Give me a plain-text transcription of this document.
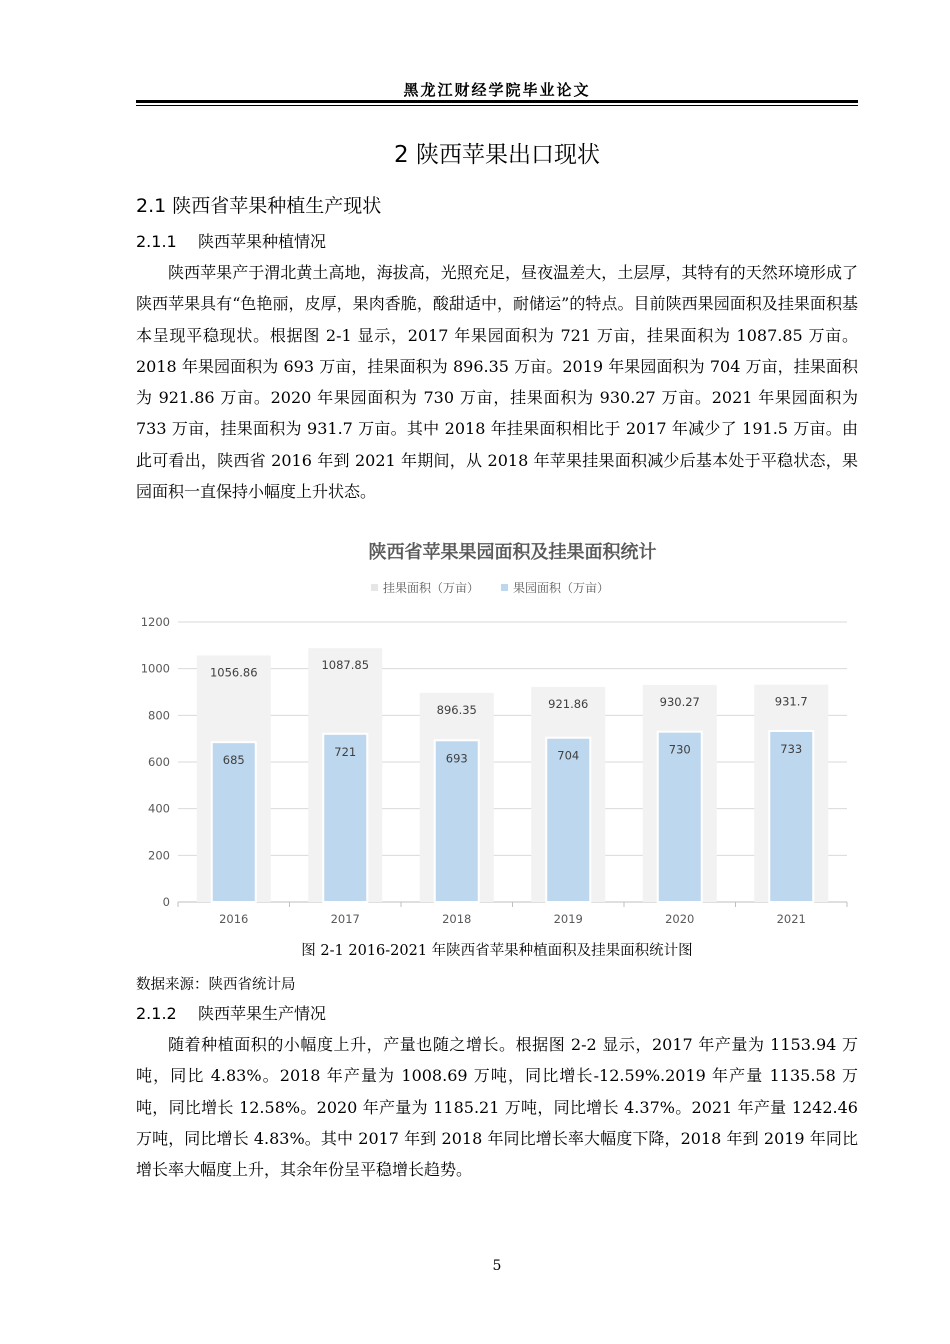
黑龙江财经学院毕业论文
2 陕西苹果出口现状
2.1 陕西省苹果种植生产现状
2.1.1 陕西苹果种植情况

陕西苹果产于渭北黄土高地，海拔高，光照充足，昼夜温差大，土层厚，其特有的天然环境形成了陕西苹果具有“色艳丽，皮厚，果肉香脆，酸甜适中，耐储运”的特点。目前陕西果园面积及挂果面积基本呈现平稳现状。根据图 2-1 显示，2017 年果园面积为 721 万亩，挂果面积为 1087.85 万亩。2018 年果园面积为 693 万亩，挂果面积为 896.35 万亩。2019 年果园面积为 704 万亩，挂果面积为 921.86 万亩。2020 年果园面积为 730 万亩，挂果面积为 930.27 万亩。2021 年果园面积为 733 万亩，挂果面积为 931.7 万亩。其中 2018 年挂果面积相比于 2017 年减少了 191.5 万亩。由此可看出，陕西省 2016 年到 2021 年期间，从 2018 年苹果挂果面积减少后基本处于平稳状态，果园面积一直保持小幅度上升状态。

陕西省苹果果园面积及挂果面积统计
挂果面积（万亩）	果园面积（万亩）
0
200
400
600
800
1000
1200
1056.86
685
2016
1087.85
721
2017
896.35
693
2018
921.86
704
2019
930.27
730
2020
931.7
733
2021
图 2-1 2016-2021 年陕西省苹果种植面积及挂果面积统计图
数据来源：陕西省统计局
2.1.2 陕西苹果生产情况

随着种植面积的小幅度上升，产量也随之增长。根据图 2-2 显示，2017 年产量为 1153.94 万吨，同比 4.83%。2018 年产量为 1008.69 万吨，同比增长-12.59%.2019 年产量 1135.58 万吨，同比增长 12.58%。2020 年产量为 1185.21 万吨，同比增长 4.37%。2021 年产量 1242.46 万吨，同比增长 4.83%。其中 2017 年到 2018 年同比增长率大幅度下降，2018 年到 2019 年同比增长率大幅度上升，其余年份呈平稳增长趋势。

5
